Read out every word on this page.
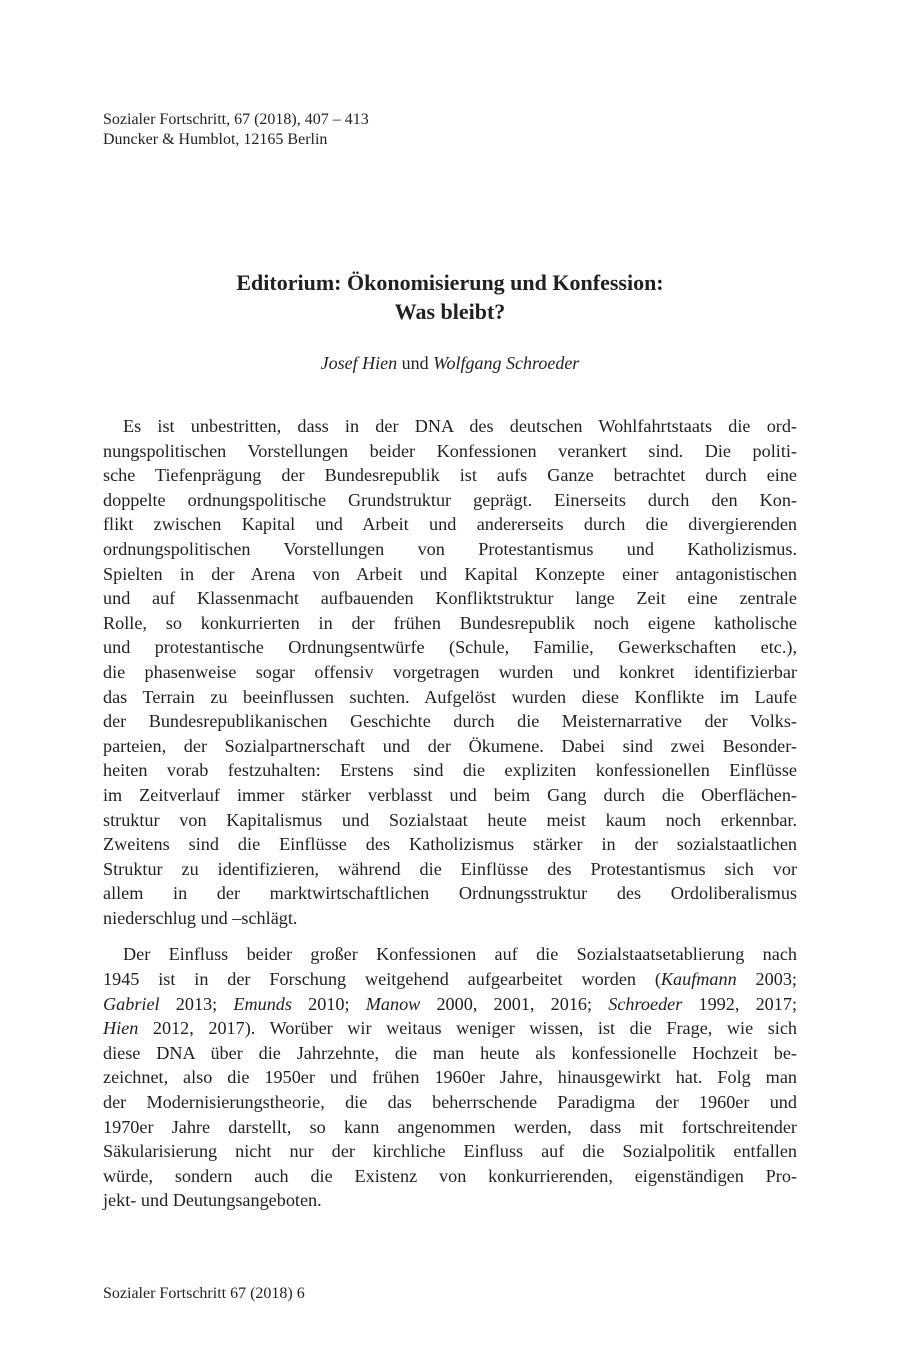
Sozialer Fortschritt, 67 (2018), 407 – 413
Duncker & Humblot, 12165 Berlin
Editorium: Ökonomisierung und Konfession:
Was bleibt?
Josef Hien und Wolfgang Schroeder
Es ist unbestritten, dass in der DNA des deutschen Wohlfahrtstaats die ord-
nungspolitischen Vorstellungen beider Konfessionen verankert sind. Die politi-
sche Tiefenprägung der Bundesrepublik ist aufs Ganze betrachtet durch eine
doppelte ordnungspolitische Grundstruktur geprägt. Einerseits durch den Kon-
flikt zwischen Kapital und Arbeit und andererseits durch die divergierenden
ordnungspolitischen Vorstellungen von Protestantismus und Katholizismus.
Spielten in der Arena von Arbeit und Kapital Konzepte einer antagonistischen
und auf Klassenmacht aufbauenden Konfliktstruktur lange Zeit eine zentrale
Rolle, so konkurrierten in der frühen Bundesrepublik noch eigene katholische
und protestantische Ordnungsentwürfe (Schule, Familie, Gewerkschaften etc.),
die phasenweise sogar offensiv vorgetragen wurden und konkret identifizierbar
das Terrain zu beeinflussen suchten. Aufgelöst wurden diese Konflikte im Laufe
der Bundesrepublikanischen Geschichte durch die Meisternarrative der Volks-
parteien, der Sozialpartnerschaft und der Ökumene. Dabei sind zwei Besonder-
heiten vorab festzuhalten: Erstens sind die expliziten konfessionellen Einflüsse
im Zeitverlauf immer stärker verblasst und beim Gang durch die Oberflächen-
struktur von Kapitalismus und Sozialstaat heute meist kaum noch erkennbar.
Zweitens sind die Einflüsse des Katholizismus stärker in der sozialstaatlichen
Struktur zu identifizieren, während die Einflüsse des Protestantismus sich vor
allem in der marktwirtschaftlichen Ordnungsstruktur des Ordoliberalismus
niederschlug und –schlägt.
Der Einfluss beider großer Konfessionen auf die Sozialstaatsetablierung nach
1945 ist in der Forschung weitgehend aufgearbeitet worden (Kaufmann 2003;
Gabriel 2013; Emunds 2010; Manow 2000, 2001, 2016; Schroeder 1992, 2017;
Hien 2012, 2017). Worüber wir weitaus weniger wissen, ist die Frage, wie sich
diese DNA über die Jahrzehnte, die man heute als konfessionelle Hochzeit be-
zeichnet, also die 1950er und frühen 1960er Jahre, hinausgewirkt hat. Folg man
der Modernisierungstheorie, die das beherrschende Paradigma der 1960er und
1970er Jahre darstellt, so kann angenommen werden, dass mit fortschreitender
Säkularisierung nicht nur der kirchliche Einfluss auf die Sozialpolitik entfallen
würde, sondern auch die Existenz von konkurrierenden, eigenständigen Pro-
jekt- und Deutungsangeboten.
Sozialer Fortschritt 67 (2018) 6
